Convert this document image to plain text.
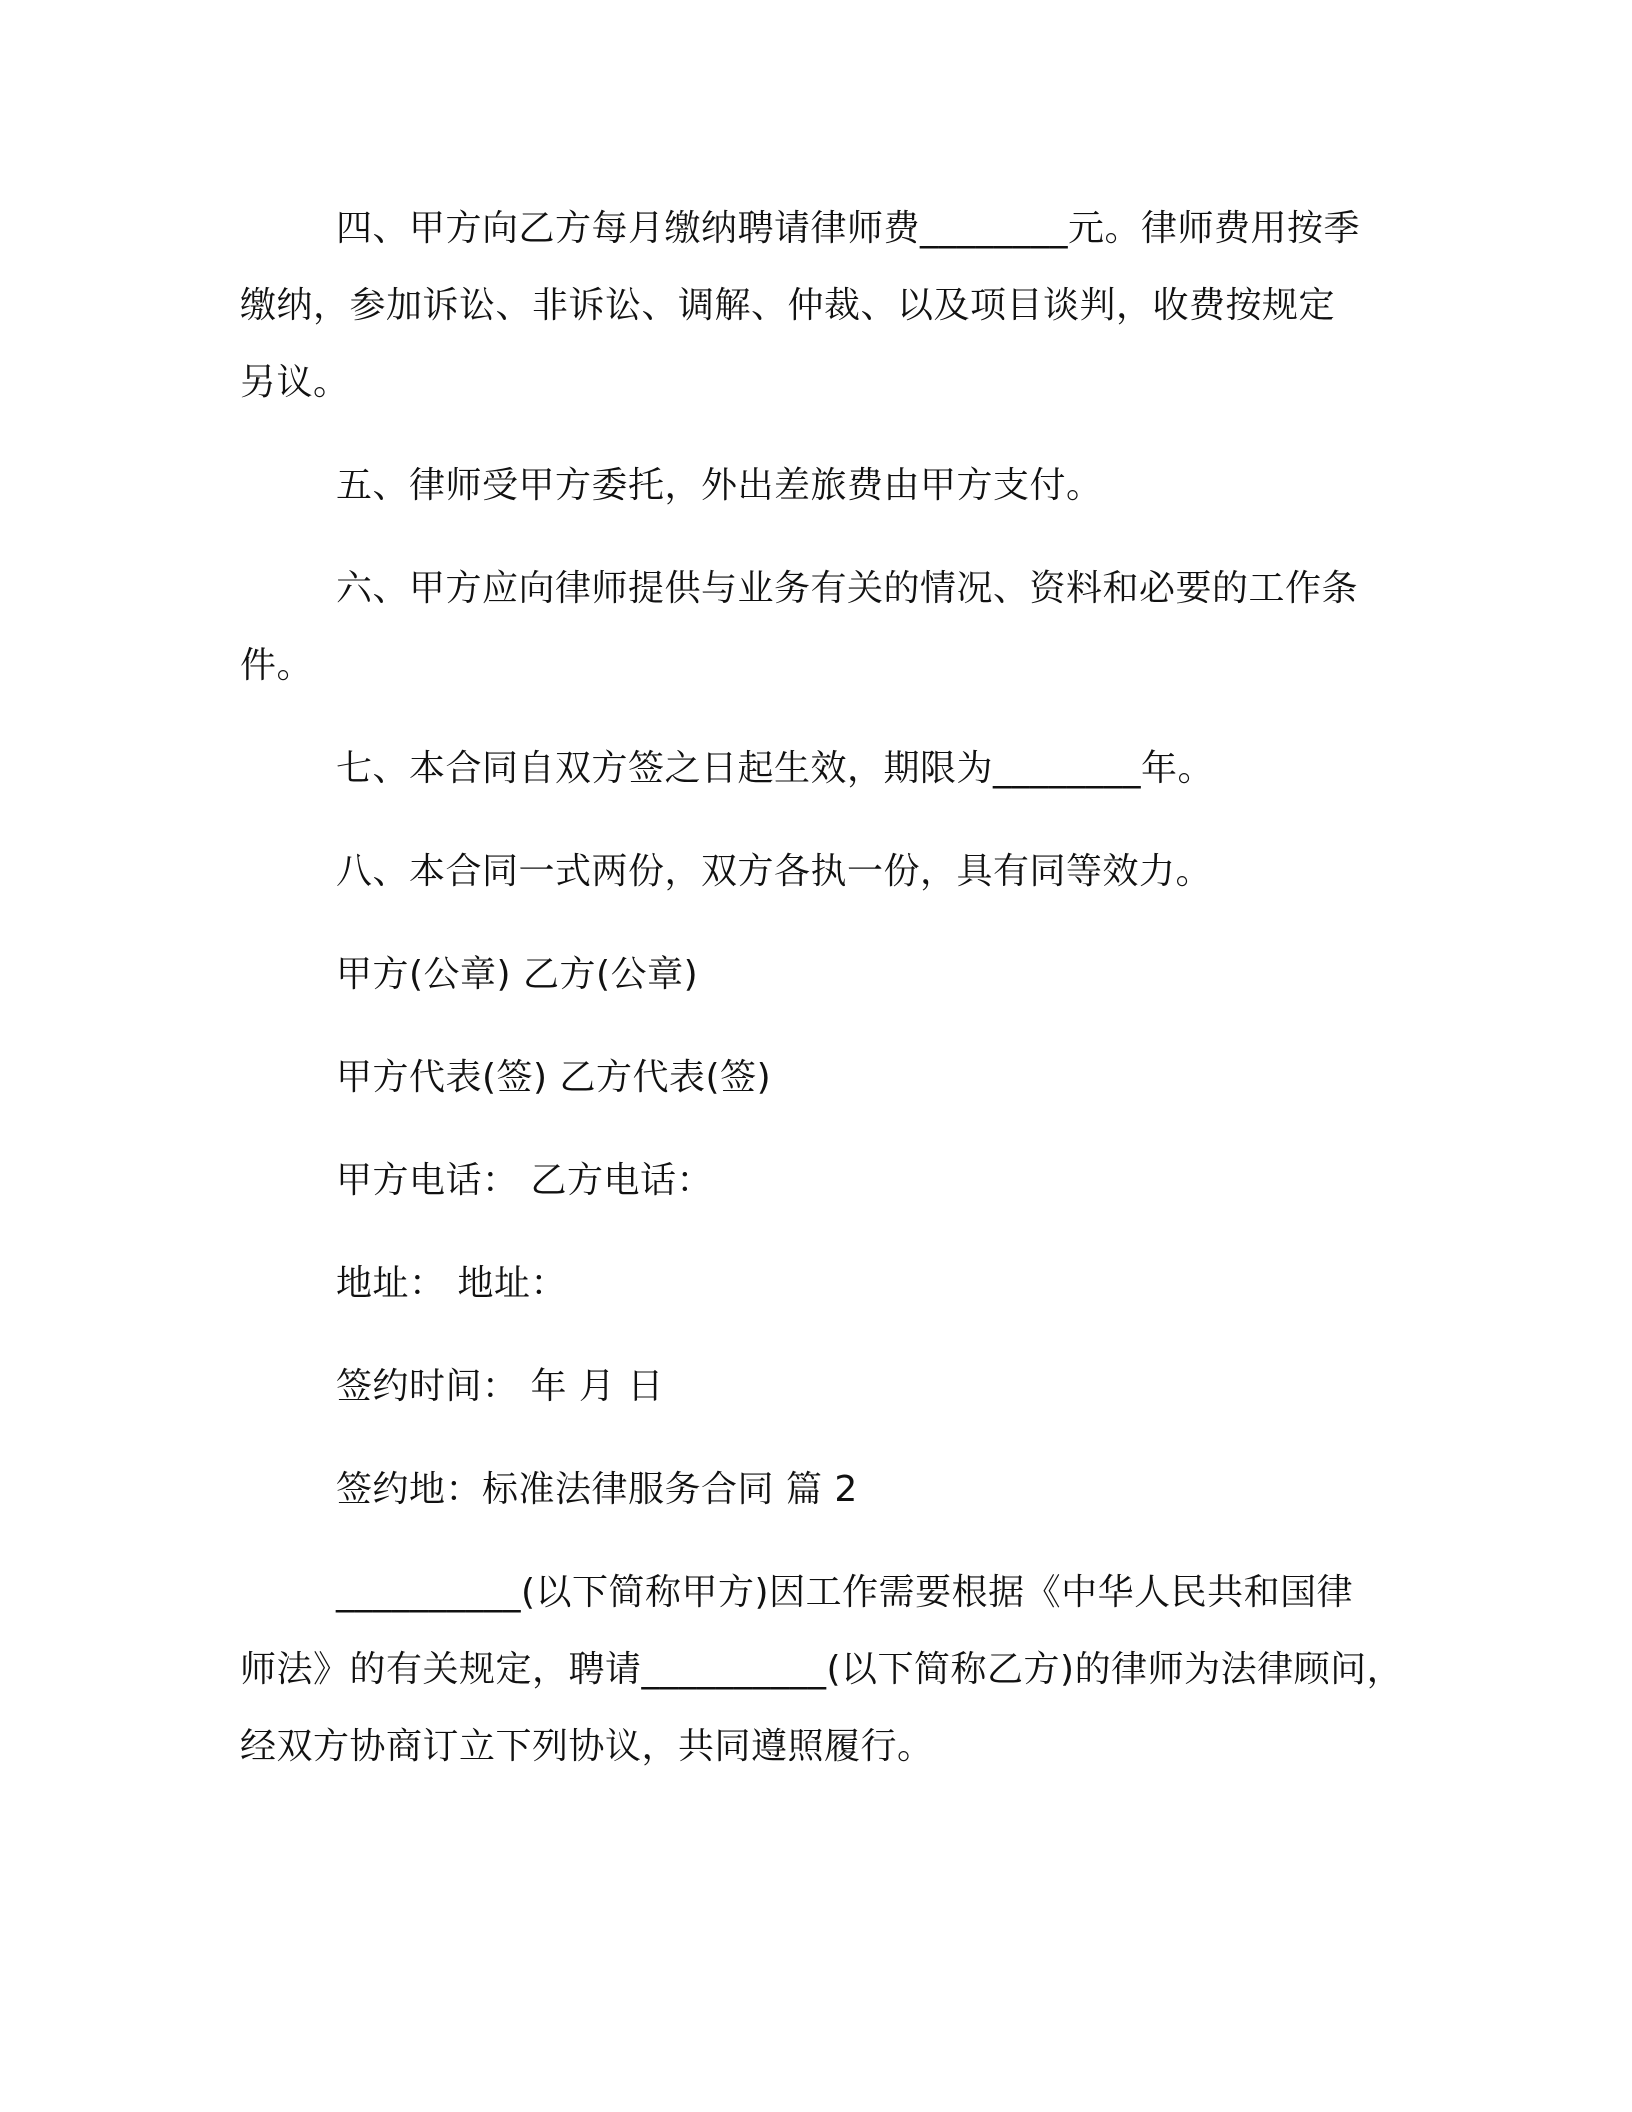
四、甲方向乙方每月缴纳聘请律师费________元。律师费用按季
缴纳，参加诉讼、非诉讼、调解、仲裁、以及项目谈判，收费按规定
另议。

五、律师受甲方委托，外出差旅费由甲方支付。

六、甲方应向律师提供与业务有关的情况、资料和必要的工作条
件。

七、本合同自双方签之日起生效，期限为________年。

八、本合同一式两份，双方各执一份，具有同等效力。

甲方(公章) 乙方(公章)

甲方代表(签) 乙方代表(签)

甲方电话： 乙方电话：

地址： 地址：

签约时间： 年 月 日

签约地：标准法律服务合同 篇 2

__________(以下简称甲方)因工作需要根据《中华人民共和国律
师法》的有关规定，聘请__________(以下简称乙方)的律师为法律顾问，
经双方协商订立下列协议，共同遵照履行。
